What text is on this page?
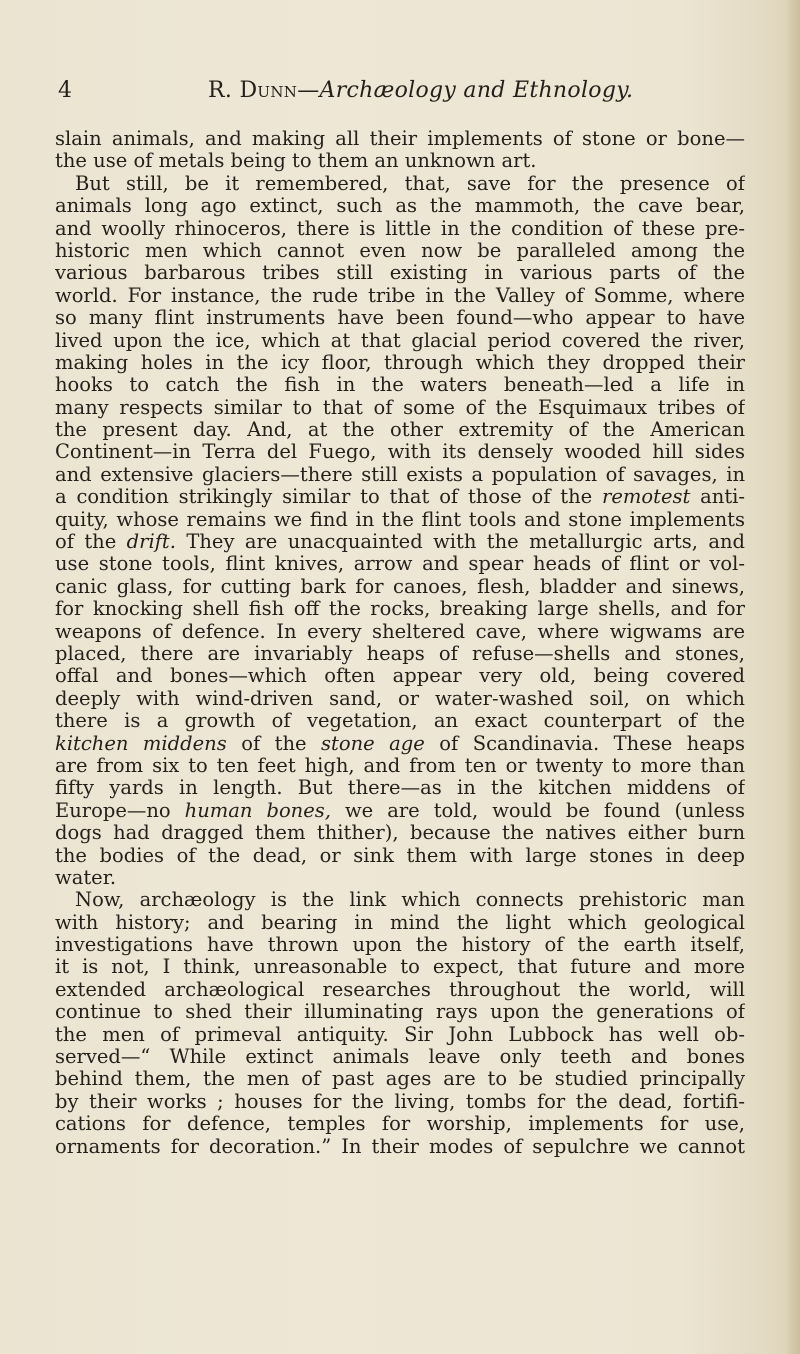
4	R. Dunn—Archæology and Ethnology.
slain animals, and making all their implements of stone or bone—
the use of metals being to them an unknown art.
But still, be it remembered, that, save for the presence of
animals long ago extinct, such as the mammoth, the cave bear,
and woolly rhinoceros, there is little in the condition of these pre-
historic men which cannot even now be paralleled among the
various barbarous tribes still existing in various parts of the
world. For instance, the rude tribe in the Valley of Somme, where
so many flint instruments have been found—who appear to have
lived upon the ice, which at that glacial period covered the river,
making holes in the icy floor, through which they dropped their
hooks to catch the fish in the waters beneath—led a life in
many respects similar to that of some of the Esquimaux tribes of
the present day. And, at the other extremity of the American
Continent—in Terra del Fuego, with its densely wooded hill sides
and extensive glaciers—there still exists a population of savages, in
a condition strikingly similar to that of those of the remotest anti-
quity, whose remains we find in the flint tools and stone implements
of the drift. They are unacquainted with the metallurgic arts, and
use stone tools, flint knives, arrow and spear heads of flint or vol-
canic glass, for cutting bark for canoes, flesh, bladder and sinews,
for knocking shell fish off the rocks, breaking large shells, and for
weapons of defence. In every sheltered cave, where wigwams are
placed, there are invariably heaps of refuse—shells and stones,
offal and bones—which often appear very old, being covered
deeply with wind-driven sand, or water-washed soil, on which
there is a growth of vegetation, an exact counterpart of the
kitchen middens of the stone age of Scandinavia. These heaps
are from six to ten feet high, and from ten or twenty to more than
fifty yards in length. But there—as in the kitchen middens of
Europe—no human bones, we are told, would be found (unless
dogs had dragged them thither), because the natives either burn
the bodies of the dead, or sink them with large stones in deep
water.
Now, archæology is the link which connects prehistoric man
with history; and bearing in mind the light which geological
investigations have thrown upon the history of the earth itself,
it is not, I think, unreasonable to expect, that future and more
extended archæological researches throughout the world, will
continue to shed their illuminating rays upon the generations of
the men of primeval antiquity. Sir John Lubbock has well ob-
served—“ While extinct animals leave only teeth and bones
behind them, the men of past ages are to be studied principally
by their works ; houses for the living, tombs for the dead, fortifi-
cations for defence, temples for worship, implements for use,
ornaments for decoration.” In their modes of sepulchre we cannot
